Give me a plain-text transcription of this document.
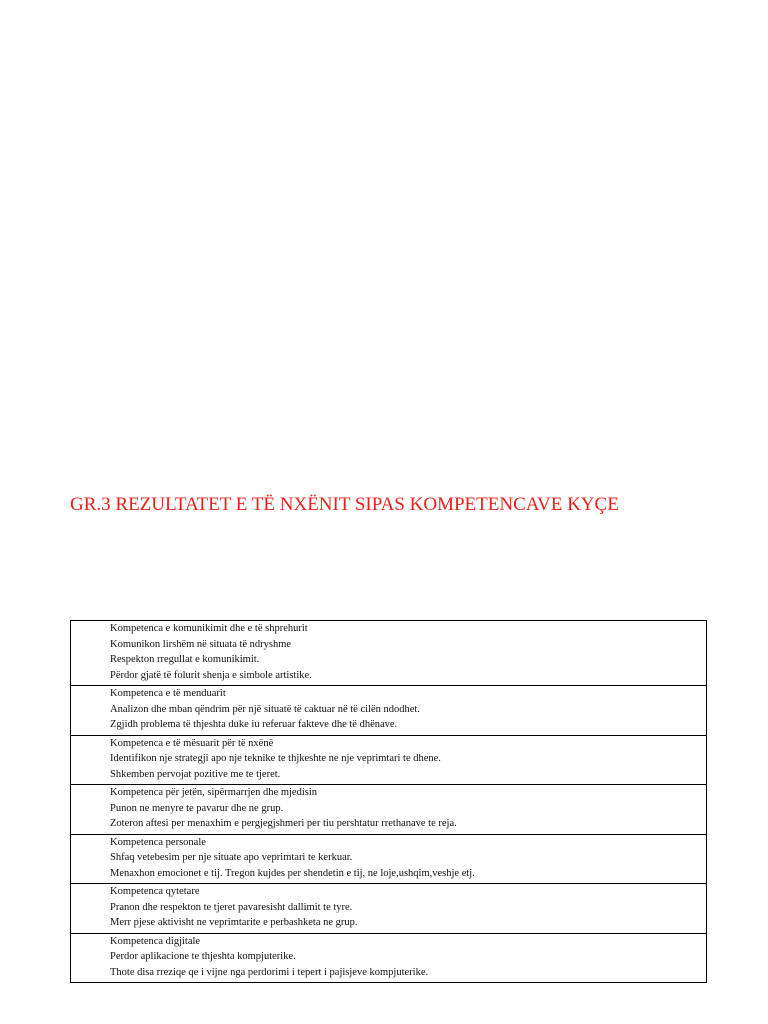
GR.3 REZULTATET E TË NXËNIT SIPAS KOMPETENCAVE KYÇE
Kompetenca e komunikimit dhe e të shprehurit
Komunikon lirshëm në situata të ndryshme
Respekton rregullat e komunikimit.
Përdor gjatë të folurit shenja e simbole artistike.

Kompetenca e të menduarit
Analizon dhe mban qëndrim për një situatë të caktuar në të cilën ndodhet.
Zgjidh problema të thjeshta duke iu referuar fakteve dhe të dhënave.

Kompetenca e të mësuarit për të nxënë
Identifikon nje strategji apo nje teknike te thjkeshte ne nje veprimtari te dhene.
Shkemben pervojat pozitive me te tjeret.

Kompetenca për jetën, sipërmarrjen dhe mjedisin
Punon ne menyre te pavarur dhe ne grup.
Zoteron aftesi per menaxhim e pergjegjshmeri per tiu pershtatur rrethanave te reja.

Kompetenca personale
Shfaq vetebesim per nje situate apo veprimtari te kerkuar.
Menaxhon emocionet e tij. Tregon kujdes per shendetin e tij, ne loje,ushqim,veshje etj.

Kompetenca qytetare
Pranon dhe respekton te tjeret pavaresisht dallimit te tyre.
Merr pjese aktivisht ne veprimtarite e perbashketa ne grup.

Kompetenca digjitale
Perdor aplikacione te thjeshta kompjuterike.
Thote disa rreziqe qe i vijne nga perdorimi i tepert i pajisjeve kompjuterike.
